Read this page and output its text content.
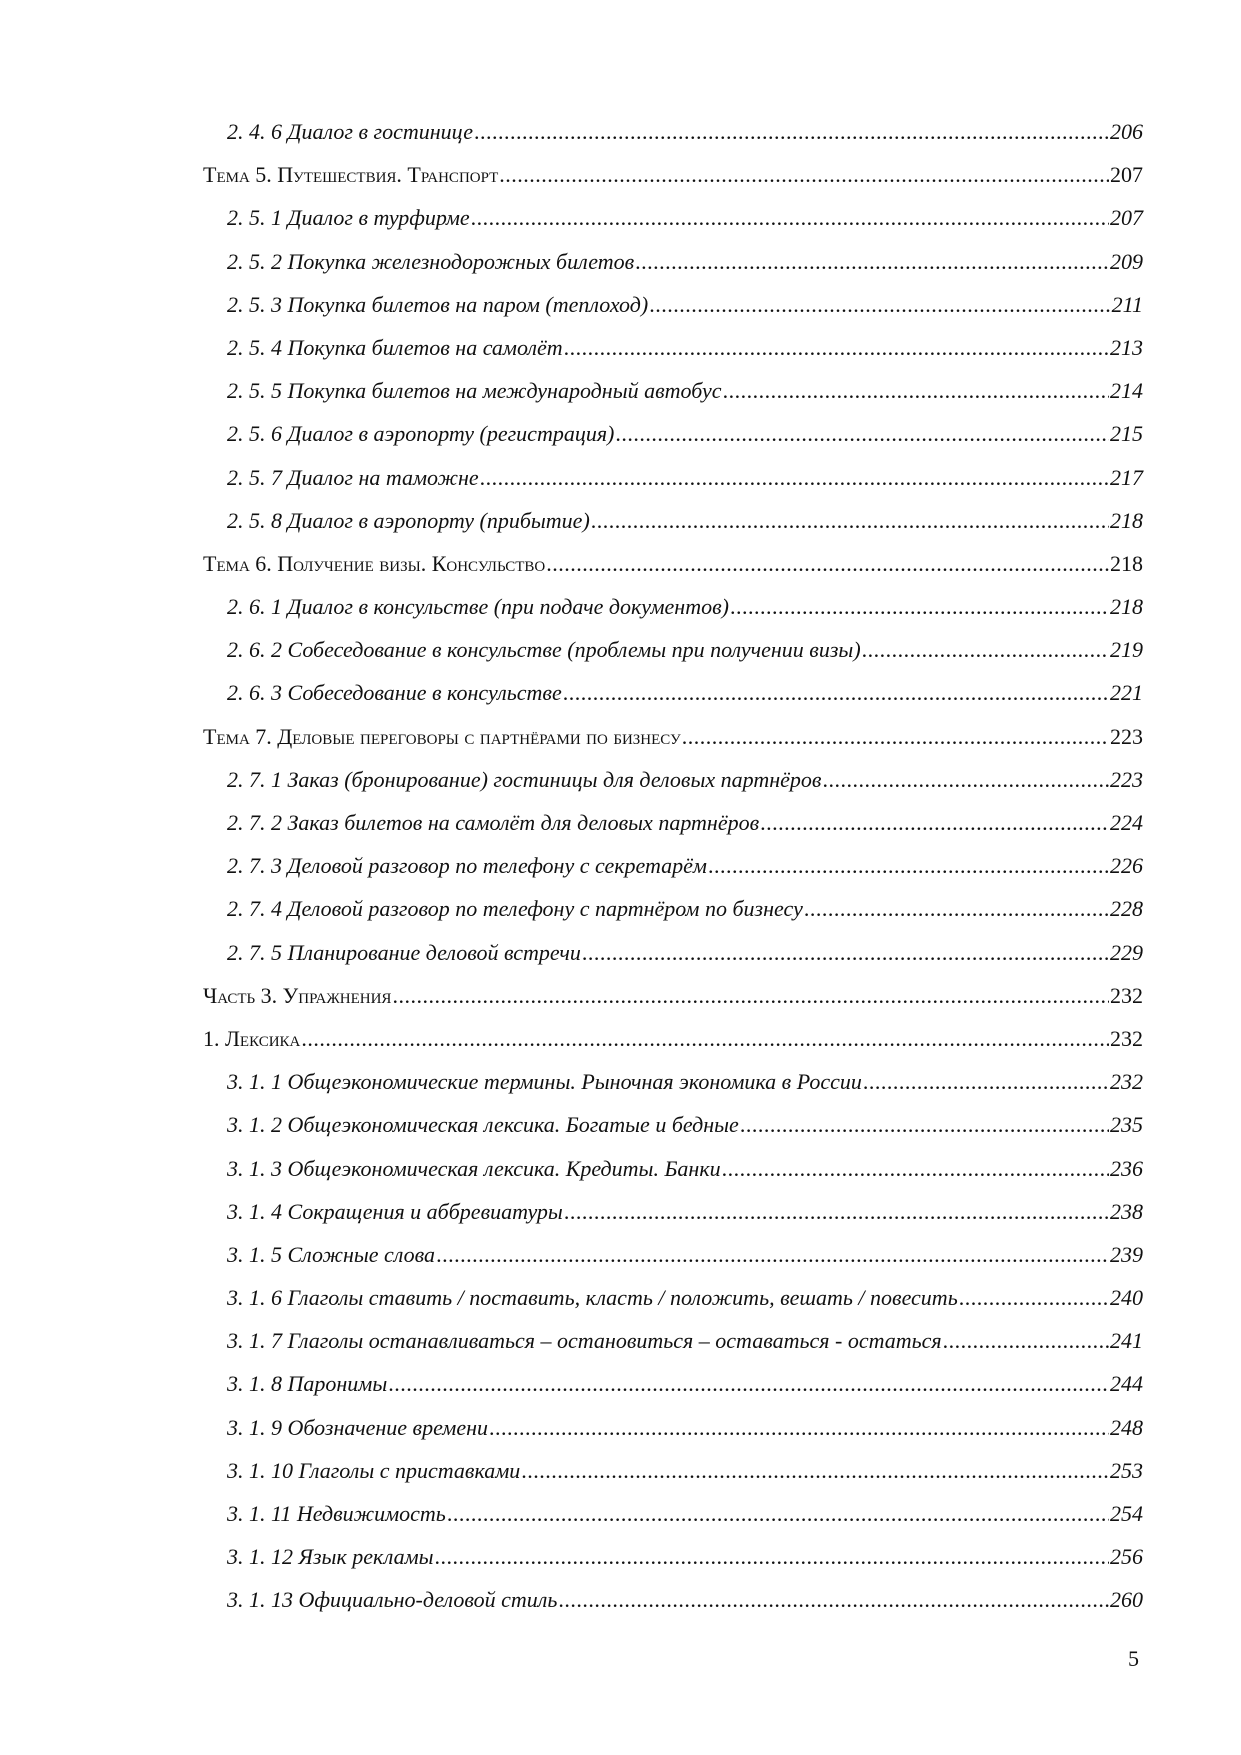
2. 4. 6 Диалог в гостинице .....	206
Тема 5. Путешествия. Транспорт .....	207
2. 5. 1 Диалог в турфирме .....	207
2. 5. 2 Покупка железнодорожных билетов .....	209
2. 5. 3 Покупка билетов на паром (теплоход) .....	211
2. 5. 4 Покупка билетов на самолёт .....	213
2. 5. 5 Покупка билетов на международный автобус .....	214
2. 5. 6 Диалог в аэропорту (регистрация) .....	215
2. 5. 7 Диалог на таможне .....	217
2. 5. 8 Диалог в аэропорту (прибытие) .....	218
Тема 6. Получение визы. Консульство .....	218
2. 6. 1 Диалог в консульстве (при подаче документов) .....	218
2. 6. 2 Собеседование в консульстве (проблемы при получении визы) .....	219
2. 6. 3 Собеседование в консульстве .....	221
Тема 7. Деловые переговоры с партнёрами по бизнесу .....	223
2. 7. 1 Заказ (бронирование) гостиницы для деловых партнёров .....	223
2. 7. 2 Заказ билетов на самолёт для деловых партнёров .....	224
2. 7. 3 Деловой разговор по телефону с секретарём .....	226
2. 7. 4 Деловой разговор по телефону с партнёром по бизнесу .....	228
2. 7. 5 Планирование деловой встречи .....	229
Часть 3. Упражнения .....	232
1. Лексика .....	232
3. 1. 1 Общеэкономические термины. Рыночная экономика в России .....	232
3. 1. 2 Общеэкономическая лексика. Богатые и бедные .....	235
3. 1. 3 Общеэкономическая лексика. Кредиты. Банки .....	236
3. 1. 4 Сокращения и аббревиатуры .....	238
3. 1. 5 Сложные слова .....	239
3. 1. 6 Глаголы ставить / поставить, класть / положить, вешать / повесить .....	240
3. 1. 7 Глаголы останавливаться – остановиться – оставаться - остаться .....	241
3. 1. 8 Паронимы .....	244
3. 1. 9 Обозначение времени .....	248
3. 1. 10 Глаголы с приставками .....	253
3. 1. 11 Недвижимость .....	254
3. 1. 12 Язык рекламы .....	256
3. 1. 13 Официально-деловой стиль .....	260
5
